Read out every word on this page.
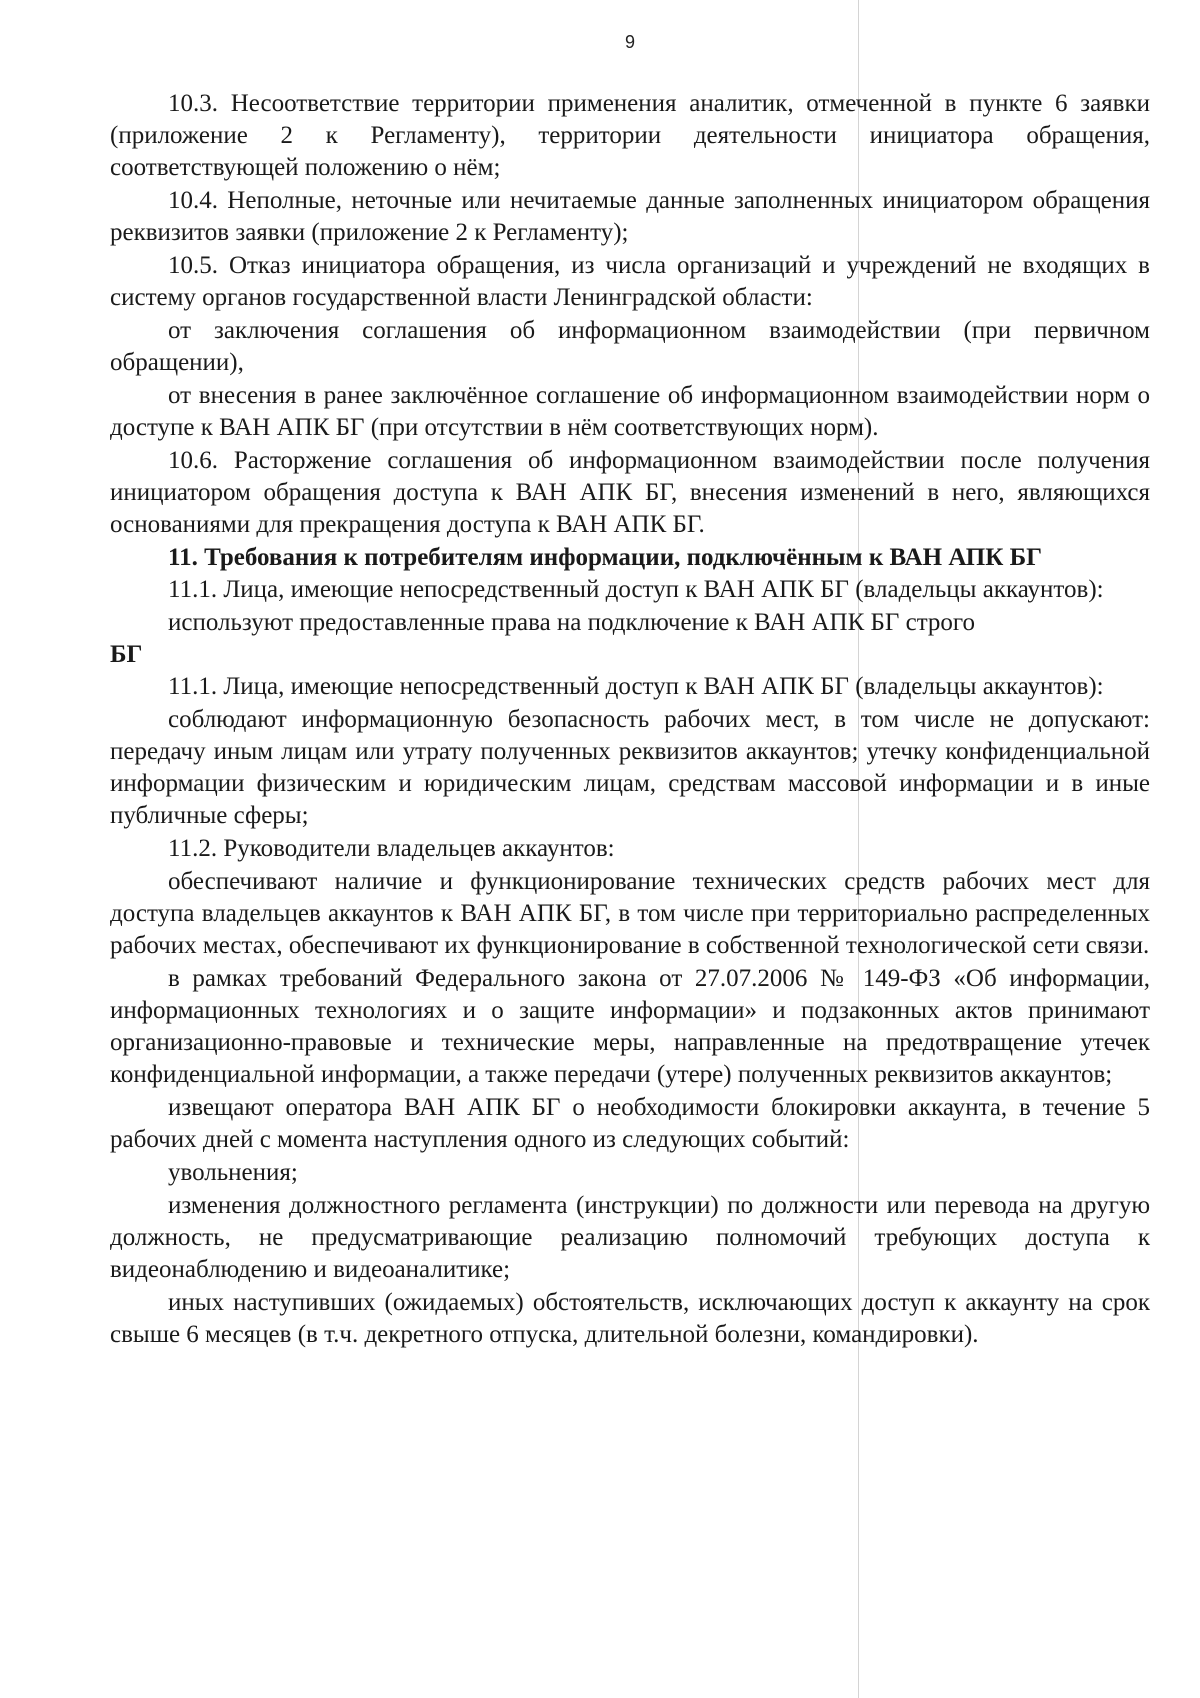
9

10.3. Несоответствие территории применения аналитик, отмеченной в пункте 6 заявки (приложение 2 к Регламенту), территории деятельности инициатора обращения, соответствующей положению о нём;

10.4. Неполные, неточные или нечитаемые данные заполненных инициатором обращения реквизитов заявки (приложение 2 к Регламенту);

10.5. Отказ инициатора обращения, из числа организаций и учреждений не входящих в систему органов государственной власти Ленинградской области:

от заключения соглашения об информационном взаимодействии (при первичном обращении),

от внесения в ранее заключённое соглашение об информационном взаимодействии норм о доступе к ВАН АПК БГ (при отсутствии в нём соответствующих норм).

10.6. Расторжение соглашения об информационном взаимодействии после получения инициатором обращения доступа к ВАН АПК БГ, внесения изменений в него, являющихся основаниями для прекращения доступа к ВАН АПК БГ.

11. Требования к потребителям информации, подключённым к ВАН АПК БГ

11.1. Лица, имеющие непосредственный доступ к ВАН АПК БГ (владельцы аккаунтов):

используют предоставленные права на подключение к ВАН АПК БГ строго

БГ

11.1. Лица, имеющие непосредственный доступ к ВАН АПК БГ (владельцы аккаунтов):

соблюдают информационную безопасность рабочих мест, в том числе не допускают: передачу иным лицам или утрату полученных реквизитов аккаунтов; утечку конфиденциальной информации физическим и юридическим лицам, средствам массовой информации и в иные публичные сферы;

11.2. Руководители владельцев аккаунтов:

обеспечивают наличие и функционирование технических средств рабочих мест для доступа владельцев аккаунтов к ВАН АПК БГ, в том числе при территориально распределенных рабочих местах, обеспечивают их функционирование в собственной технологической сети связи.

в рамках требований Федерального закона от 27.07.2006 № 149-ФЗ «Об информации, информационных технологиях и о защите информации» и подзаконных актов принимают организационно-правовые и технические меры, направленные на предотвращение утечек конфиденциальной информации, а также передачи (утере) полученных реквизитов аккаунтов;

извещают оператора ВАН АПК БГ о необходимости блокировки аккаунта, в течение 5 рабочих дней с момента наступления одного из следующих событий:

увольнения;

изменения должностного регламента (инструкции) по должности или перевода на другую должность, не предусматривающие реализацию полномочий требующих доступа к видеонаблюдению и видеоаналитике;

иных наступивших (ожидаемых) обстоятельств, исключающих доступ к аккаунту на срок свыше 6 месяцев (в т.ч. декретного отпуска, длительной болезни, командировки).
